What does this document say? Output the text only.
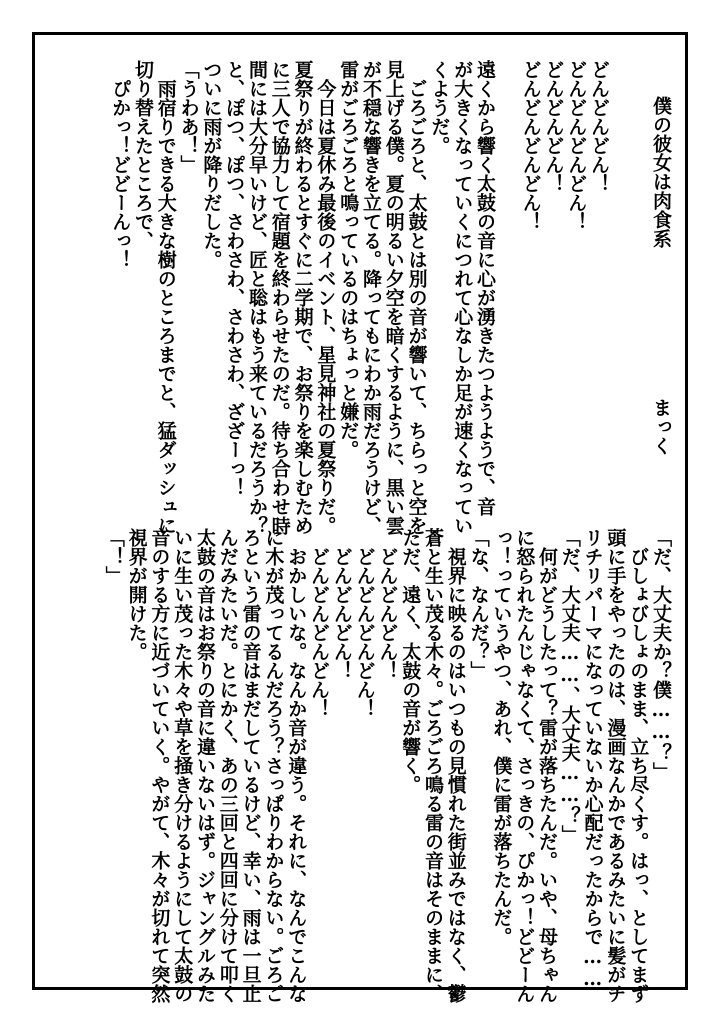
僕の彼女は肉食系
まっく
どんどんどん！
どんどんどんどん！
どんどんどん！
どんどんどんどん！
遠くから響く太鼓の音に心が湧きたつようようで、音
が大きくなっていくにつれて心なしか足が速くなってい
くようだ。
　ごろごろと、太鼓とは別の音が響いて、ちらっと空を
見上げる僕。夏の明るい夕空を暗くするように、黒い雲
が不穏な響きを立てる。降ってもにわか雨だろうけど、
雷がごろごろと鳴っているのはちょっと嫌だ。
　今日は夏休み最後のイベント、星見神社の夏祭りだ。
夏祭りが終わるとすぐに二学期で、お祭りを楽しむため
に三人で協力して宿題を終わらせたのだ。待ち合わせ時
間には大分早いけど、匠と聡はもう来ているだろうか？
と、ぽつ、ぽつ、さわさわ、さわさわ、ざざーっ！
ついに雨が降りだした。
「うわあ！」
　雨宿りできる大きな樹のところまでと、猛ダッシュに
切り替えたところで、
　ぴかっ！どどーんっ！
「だ、大丈夫か？僕……？」
　びしょびしょのまま、立ち尽くす。はっ、としてまず
頭に手をやったのは、漫画なんかであるみたいに髪がチ
リチリパーマになっていないか心配だったからで……
「だ、大丈夫……、大丈夫……？」
　何がどうしたって？雷が落ちたんだ。いや、母ちゃん
に怒られたんじゃなくて、さっきの、ぴかっ！どどーん
っ！っていうやつ、あれ、僕に雷が落ちたんだ。
「な、なんだ？」
　視界に映るのはいつもの見慣れた街並みではなく、鬱
蒼と生い茂る木々。ごろごろ鳴る雷の音はそのままに、
ただ、遠く、太鼓の音が響く。
　どんどんどん！
　どんどんどんどん！
　どんどんどん！
　どんどんどんどん！
　おかしいな。なんか音が違う。それに、なんでこんな
に木が茂ってるんだろう？さっぱりわからない。ごろご
ろという雷の音はまだしているけど、幸い、雨は一旦止
んだみたいだ。とにかく、あの三回と四回に分けて叩く
太鼓の音はお祭りの音に違いないはず。ジャングルみた
いに生い茂った木々や草を掻き分けるようにして太鼓の
音のする方に近づいていく。やがて、木々が切れて突然
視界が開けた。
「！」
